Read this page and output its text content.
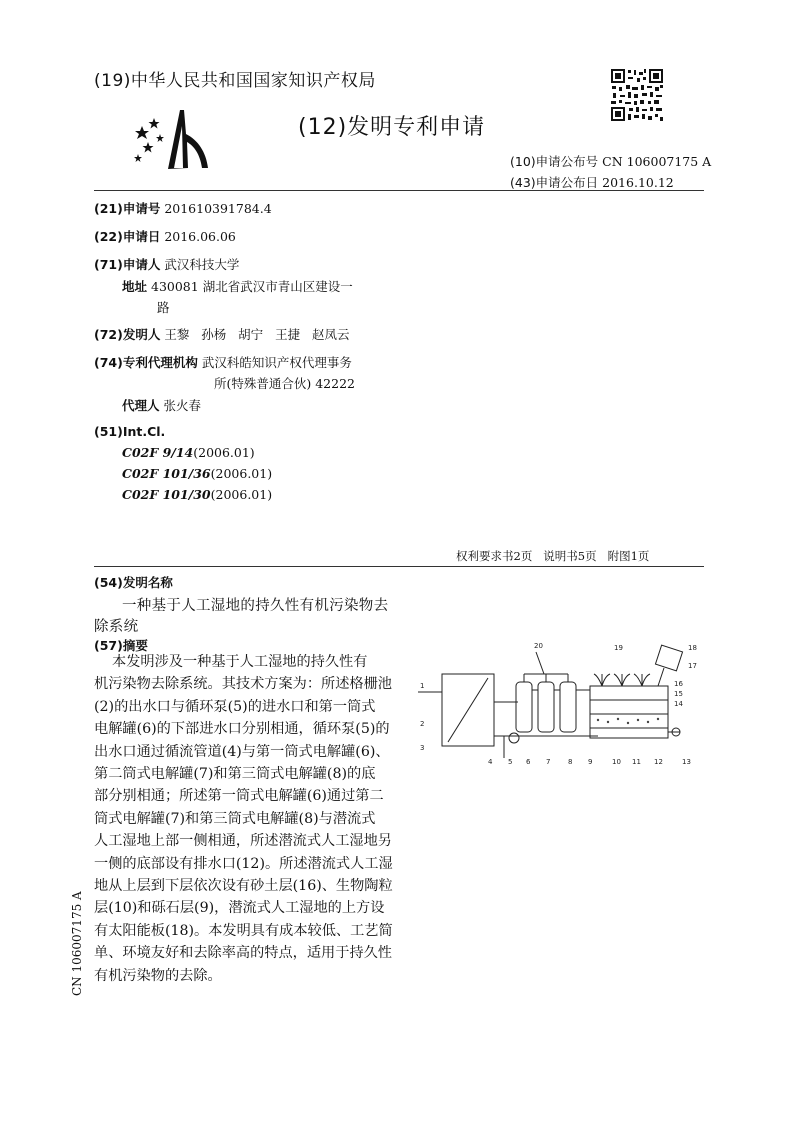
(19)中华人民共和国国家知识产权局
(12)发明专利申请
(10)申请公布号 CN 106007175 A
(43)申请公布日 2016.10.12
(21)申请号 201610391784.4
(22)申请日 2016.06.06
(71)申请人 武汉科技大学
地址 430081 湖北省武汉市青山区建设一
路
(72)发明人 王黎   孙杨   胡宁   王捷   赵凤云
(74)专利代理机构 武汉科皓知识产权代理事务
所(特殊普通合伙) 42222
代理人 张火春
(51)Int.Cl.
C02F 9/14(2006.01)
C02F 101/36(2006.01)
C02F 101/30(2006.01)
权利要求书2页   说明书5页   附图1页
(54)发明名称
一种基于人工湿地的持久性有机污染物去
除系统
(57)摘要
本发明涉及一种基于人工湿地的持久性有
机污染物去除系统。其技术方案为：所述格栅池
(2)的出水口与循环泵(5)的进水口和第一筒式
电解罐(6)的下部进水口分别相通，循环泵(5)的
出水口通过循流管道(4)与第一筒式电解罐(6)、
第二筒式电解罐(7)和第三筒式电解罐(8)的底
部分别相通；所述第一筒式电解罐(6)通过第二
筒式电解罐(7)和第三筒式电解罐(8)与潜流式
人工湿地上部一侧相通，所述潜流式人工湿地另
一侧的底部设有排水口(12)。所述潜流式人工湿
地从上层到下层依次设有砂土层(16)、生物陶粒
层(10)和砾石层(9)，潜流式人工湿地的上方设
有太阳能板(18)。本发明具有成本较低、工艺简
单、环境友好和去除率高的特点，适用于持久性
有机污染物的去除。
1
2
3
4 5 6 7	8 9	10 11 12	13
14
15
16
17
18
19
20
CN 106007175 A
